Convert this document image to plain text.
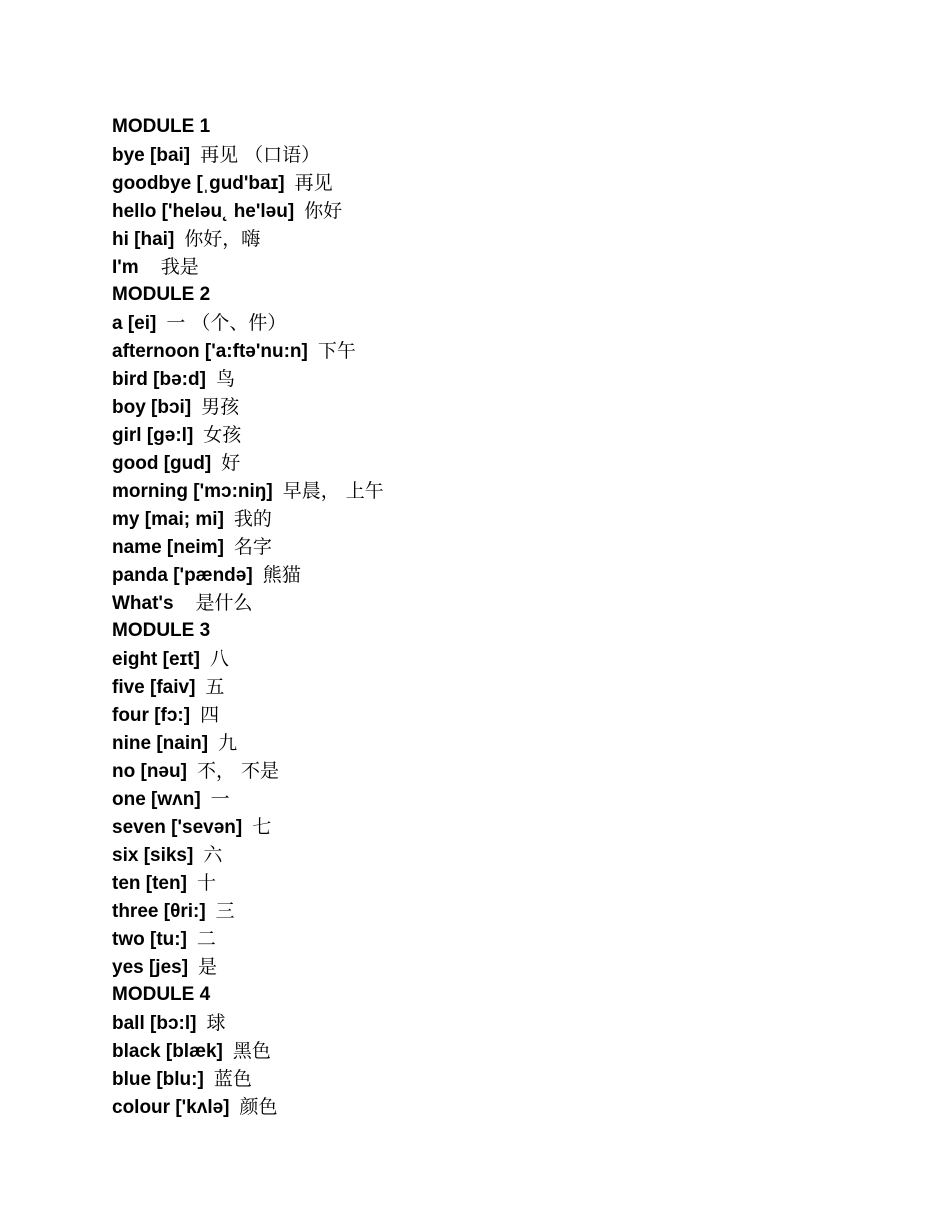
MODULE 1
bye [bai] 再见 （口语）
goodbye [ˌgud'baɪ] 再见
hello ['heləu˛ he'ləu] 你好
hi [hai] 你好，嗨
I'm 我是
MODULE 2
a [ei] 一 （个、件）
afternoon ['a:ftə'nu:n] 下午
bird [bə:d] 鸟
boy [bɔi] 男孩
girl [gə:l] 女孩
good [gud] 好
morning ['mɔ:niŋ] 早晨， 上午
my [mai; mi] 我的
name [neim] 名字
panda ['pændə] 熊猫
What's 是什么
MODULE 3
eight [eɪt] 八
five [faiv] 五
four [fɔ:] 四
nine [nain] 九
no [nəu] 不， 不是
one [wʌn] 一
seven ['sevən] 七
six [siks] 六
ten [ten] 十
three [θri:] 三
two [tu:] 二
yes [jes] 是
MODULE 4
ball [bɔ:l] 球
black [blæk] 黑色
blue [blu:] 蓝色
colour ['kʌlə] 颜色
